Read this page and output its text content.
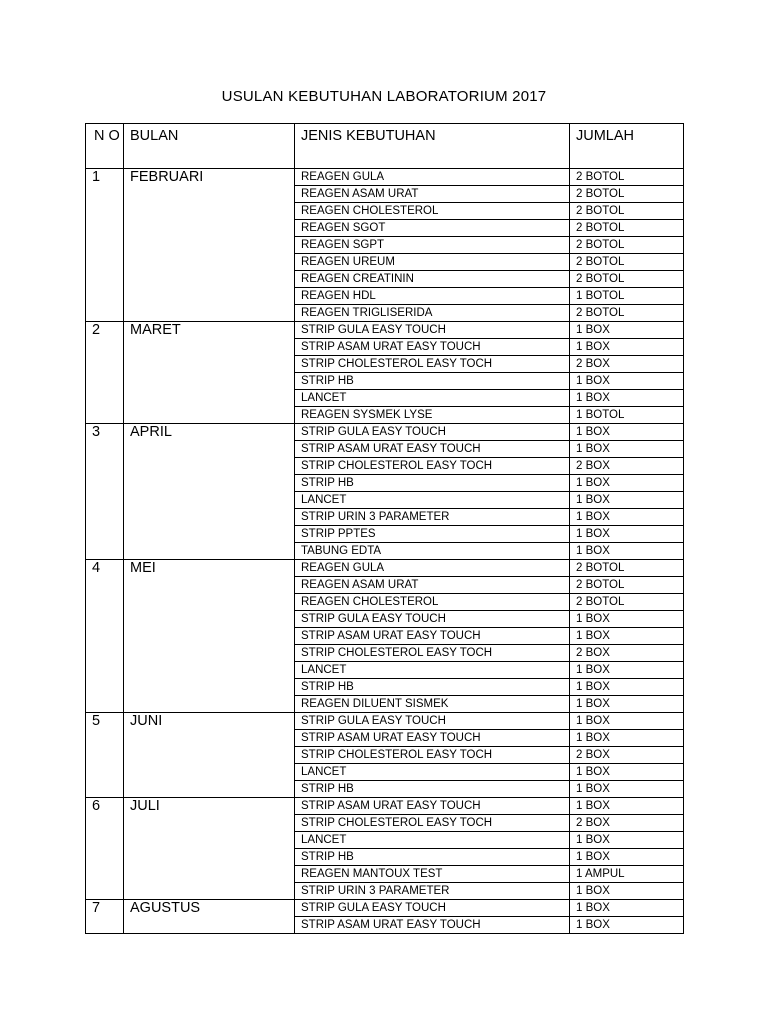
USULAN KEBUTUHAN LABORATORIUM 2017
N O	BULAN	JENIS KEBUTUHAN	JUMLAH
1	FEBRUARI	REAGEN GULA	2 BOTOL
		REAGEN ASAM URAT	2 BOTOL
		REAGEN CHOLESTEROL	2 BOTOL
		REAGEN SGOT	2 BOTOL
		REAGEN SGPT	2 BOTOL
		REAGEN UREUM	2 BOTOL
		REAGEN CREATININ	2 BOTOL
		REAGEN HDL	1 BOTOL
		REAGEN TRIGLISERIDA	2 BOTOL
2	MARET	STRIP GULA EASY TOUCH	1 BOX
		STRIP ASAM URAT EASY TOUCH	1 BOX
		STRIP CHOLESTEROL EASY TOCH	2 BOX
		STRIP HB	1 BOX
		LANCET	1 BOX
		REAGEN SYSMEK LYSE	1 BOTOL
3	APRIL	STRIP GULA EASY TOUCH	1 BOX
		STRIP ASAM URAT EASY TOUCH	1 BOX
		STRIP CHOLESTEROL EASY TOCH	2 BOX
		STRIP HB	1 BOX
		LANCET	1 BOX
		STRIP URIN 3 PARAMETER	1 BOX
		STRIP PPTES	1 BOX
		TABUNG EDTA	1 BOX
4	MEI	REAGEN GULA	2 BOTOL
		REAGEN ASAM URAT	2 BOTOL
		REAGEN CHOLESTEROL	2 BOTOL
		STRIP GULA EASY TOUCH	1 BOX
		STRIP ASAM URAT EASY TOUCH	1 BOX
		STRIP CHOLESTEROL EASY TOCH	2 BOX
		LANCET	1 BOX
		STRIP HB	1 BOX
		REAGEN DILUENT SISMEK	1 BOX
5	JUNI	STRIP GULA EASY TOUCH	1 BOX
		STRIP ASAM URAT EASY TOUCH	1 BOX
		STRIP CHOLESTEROL EASY TOCH	2 BOX
		LANCET	1 BOX
		STRIP HB	1 BOX
6	JULI	STRIP ASAM URAT EASY TOUCH	1 BOX
		STRIP CHOLESTEROL EASY TOCH	2 BOX
		LANCET	1 BOX
		STRIP HB	1 BOX
		REAGEN MANTOUX TEST	1 AMPUL
		STRIP URIN 3 PARAMETER	1 BOX
7	AGUSTUS	STRIP GULA EASY TOUCH	1 BOX
		STRIP ASAM URAT EASY TOUCH	1 BOX
